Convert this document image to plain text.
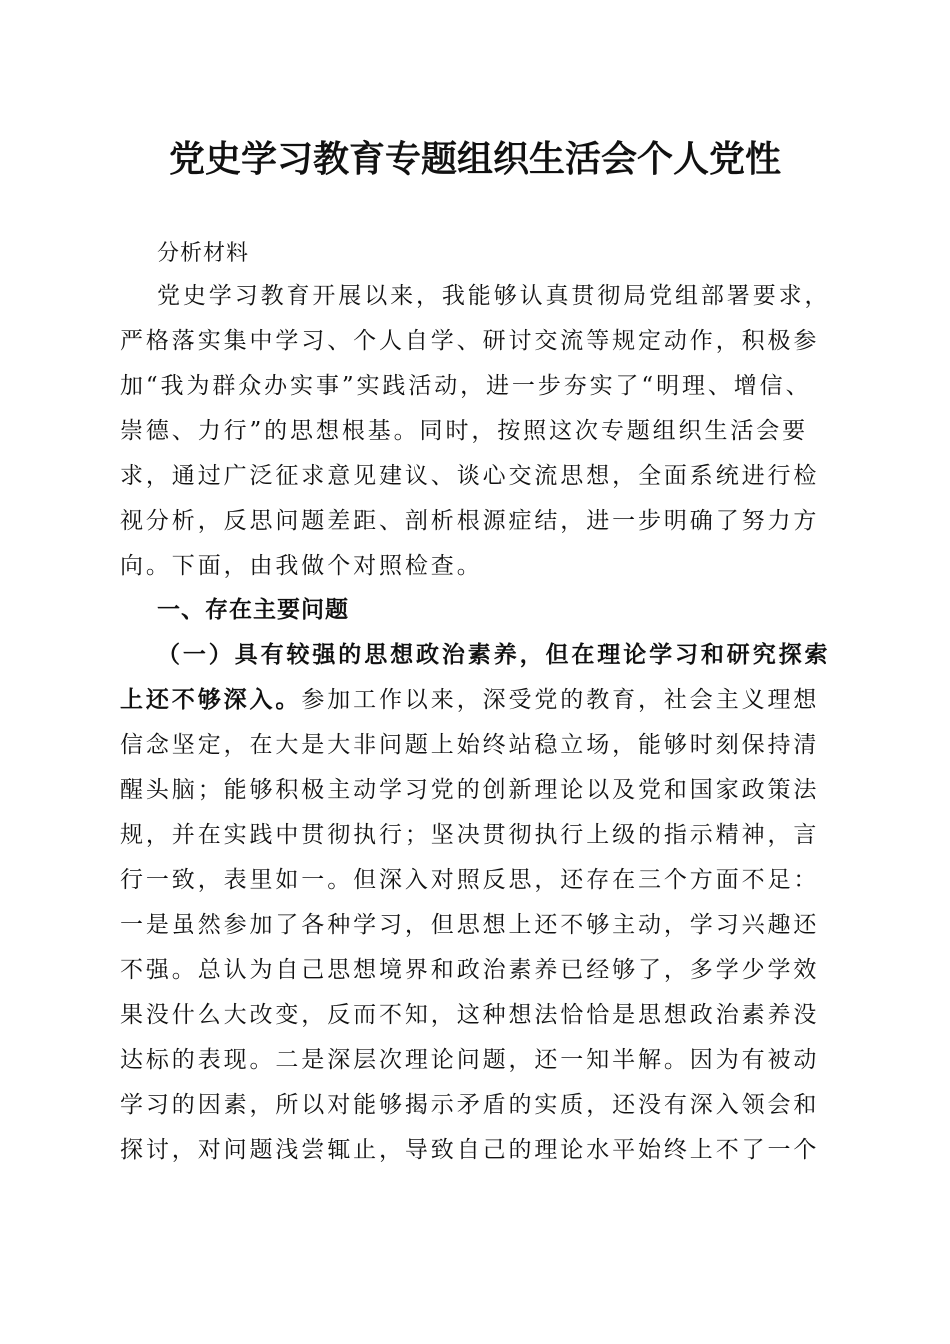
党史学习教育专题组织生活会个人党性
分析材料
党史学习教育开展以来，我能够认真贯彻局党组部署要求，
严格落实集中学习、个人自学、研讨交流等规定动作，积极参
加“我为群众办实事”实践活动，进一步夯实了“明理、增信、
崇德、力行”的思想根基。同时，按照这次专题组织生活会要
求，通过广泛征求意见建议、谈心交流思想，全面系统进行检
视分析，反思问题差距、剖析根源症结，进一步明确了努力方
向。下面，由我做个对照检查。
一、存在主要问题
（一）具有较强的思想政治素养，但在理论学习和研究探索
上还不够深入。参加工作以来，深受党的教育，社会主义理想
信念坚定，在大是大非问题上始终站稳立场，能够时刻保持清
醒头脑；能够积极主动学习党的创新理论以及党和国家政策法
规，并在实践中贯彻执行；坚决贯彻执行上级的指示精神，言
行一致，表里如一。但深入对照反思，还存在三个方面不足：
一是虽然参加了各种学习，但思想上还不够主动，学习兴趣还
不强。总认为自己思想境界和政治素养已经够了，多学少学效
果没什么大改变，反而不知，这种想法恰恰是思想政治素养没
达标的表现。二是深层次理论问题，还一知半解。因为有被动
学习的因素，所以对能够揭示矛盾的实质，还没有深入领会和
探讨，对问题浅尝辄止，导致自己的理论水平始终上不了一个
